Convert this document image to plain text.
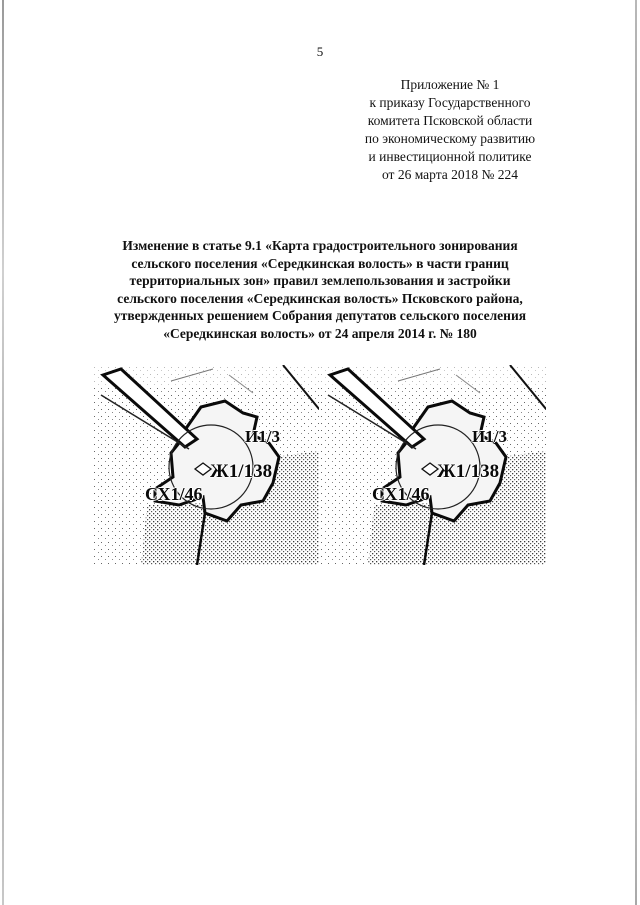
5
Приложение № 1
к приказу Государственного
комитета Псковской области
по экономическому развитию
и инвестиционной политике
от 26 марта 2018 № 224
Изменение в статье 9.1 «Карта градостроительного зонирования
сельского поселения «Середкинская волость» в части границ
территориальных зон» правил землепользования и застройки
сельского поселения «Середкинская волость» Псковского района,
утвержденных решением Собрания депутатов сельского поселения
«Середкинская волость» от 24 апреля 2014 г. № 180
И1/3
Ж1/138
СХ1/46
И1/3
Ж1/138
СХ1/46
